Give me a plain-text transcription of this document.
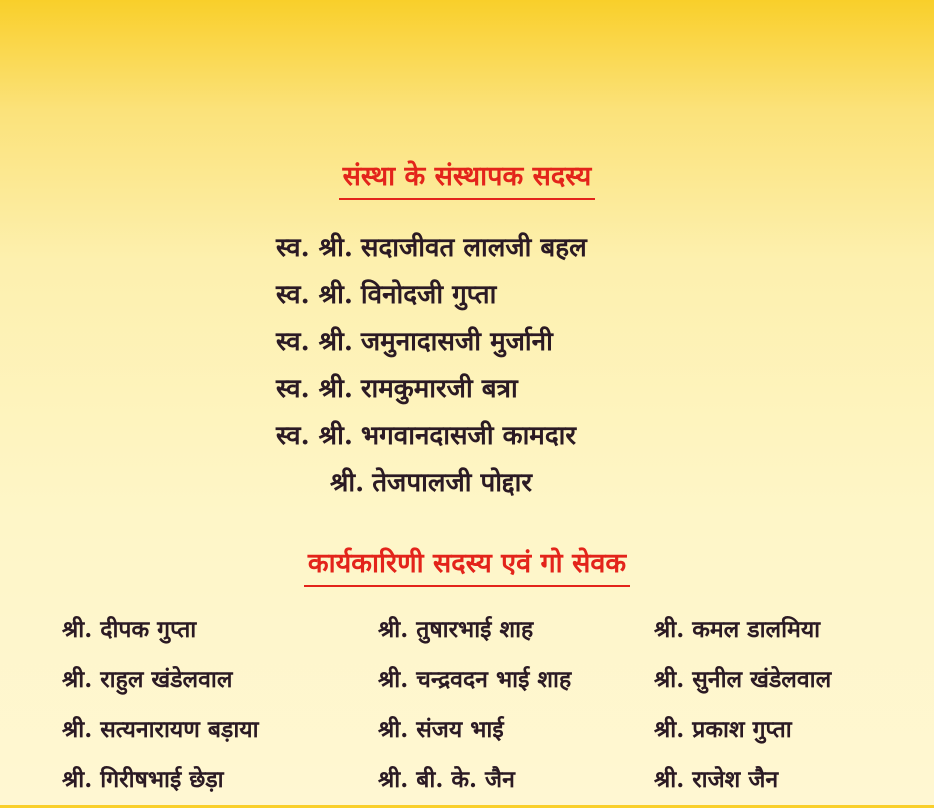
संस्था के संस्थापक सदस्य
स्व. श्री. सदाजीवत लालजी बहल
स्व. श्री. विनोदजी गुप्ता
स्व. श्री. जमुनादासजी मुर्जानी
स्व. श्री. रामकुमारजी बत्रा
स्व. श्री. भगवानदासजी कामदार
श्री. तेजपालजी पोद्दार
कार्यकारिणी सदस्य एवं गो सेवक
श्री. दीपक गुप्ता
श्री. राहुल खंडेलवाल
श्री. सत्यनारायण बड़ाया
श्री. गिरीषभाई छेड़ा
श्री. तुषारभाई शाह
श्री. चन्द्रवदन भाई शाह
श्री. संजय भाई
श्री. बी. के. जैन
श्री. कमल डालमिया
श्री. सुनील खंडेलवाल
श्री. प्रकाश गुप्ता
श्री. राजेश जैन
